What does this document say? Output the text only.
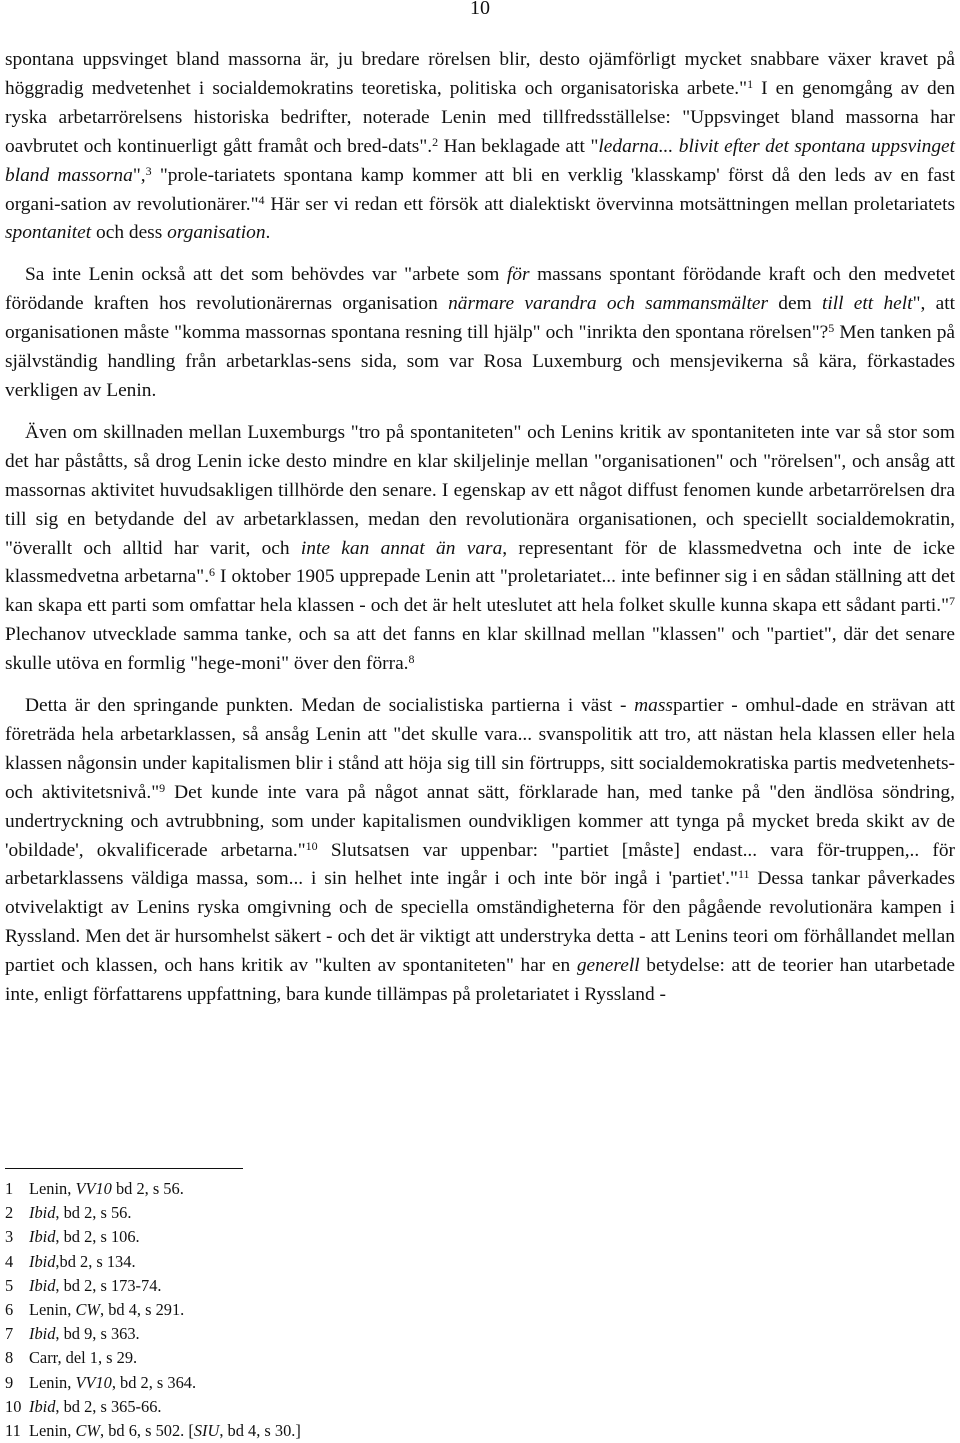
10

spontana uppsvinget bland massorna är, ju bredare rörelsen blir, desto ojämförligt mycket snabbare växer kravet på höggradig medvetenhet i socialdemokratins teoretiska, politiska och organisatoriska arbete."$^1$ I en genomgång av den ryska arbetarrörelsens historiska bedrifter, noterade Lenin med tillfredsställelse: "Uppsvinget bland massorna har oavbrutet och kontinuerligt gått framåt och bred-dats".$^2$ Han beklagade att "ledarna... blivit efter det spontana uppsvinget bland massorna",$^3$ "prole-tariatets spontana kamp kommer att bli en verklig 'klasskamp' först då den leds av en fast organi-sation av revolutionärer."$^4$ Här ser vi redan ett försök att dialektiskt övervinna motsättningen mellan proletariatets spontanitet och dess organisation.

Sa inte Lenin också att det som behövdes var "arbete som för massans spontant förödande kraft och den medvetet förödande kraften hos revolutionärernas organisation närmare varandra och sammansmälter dem till ett helt", att organisationen måste "komma massornas spontana resning till hjälp" och "inrikta den spontana rörelsen"?$^5$ Men tanken på självständig handling från arbetarklas-sens sida, som var Rosa Luxemburg och mensjevikerna så kära, förkastades verkligen av Lenin.

Även om skillnaden mellan Luxemburgs "tro på spontaniteten" och Lenins kritik av spontaniteten inte var så stor som det har påståtts, så drog Lenin icke desto mindre en klar skiljelinje mellan "organisationen" och "rörelsen", och ansåg att massornas aktivitet huvudsakligen tillhörde den senare. I egenskap av ett något diffust fenomen kunde arbetarrörelsen dra till sig en betydande del av arbetarklassen, medan den revolutionära organisationen, och speciellt socialdemokratin, "överallt och alltid har varit, och inte kan annat än vara, representant för de klassmedvetna och inte de icke klassmedvetna arbetarna".$^6$ I oktober 1905 upprepade Lenin att "proletariatet... inte befinner sig i en sådan ställning att det kan skapa ett parti som omfattar hela klassen - och det är helt uteslutet att hela folket skulle kunna skapa ett sådant parti."$^7$ Plechanov utvecklade samma tanke, och sa att det fanns en klar skillnad mellan "klassen" och "partiet", där det senare skulle utöva en formlig "hege-moni" över den förra.$^8$

Detta är den springande punkten. Medan de socialistiska partierna i väst - masspartier - omhul-dade en strävan att företräda hela arbetarklassen, så ansåg Lenin att "det skulle vara... svanspolitik att tro, att nästan hela klassen eller hela klassen någonsin under kapitalismen blir i stånd att höja sig till sin förtrupps, sitt socialdemokratiska partis medvetenhets- och aktivitetsnivå."$^9$ Det kunde inte vara på något annat sätt, förklarade han, med tanke på "den ändlösa söndring, undertryckning och avtrubbning, som under kapitalismen oundvikligen kommer att tynga på mycket breda skikt av de 'obildade', okvalificerade arbetarna."$^{10}$ Slutsatsen var uppenbar: "partiet [måste] endast... vara för-truppen,.. för arbetarklassens väldiga massa, som... i sin helhet inte ingår i och inte bör ingå i 'partiet'."$^{11}$ Dessa tankar påverkades otvivelaktigt av Lenins ryska omgivning och de speciella omständigheterna för den pågående revolutionära kampen i Ryssland. Men det är hursomhelst säkert - och det är viktigt att understryka detta - att Lenins teori om förhållandet mellan partiet och klassen, och hans kritik av "kulten av spontaniteten" har en generell betydelse: att de teorier han utarbetade inte, enligt författarens uppfattning, bara kunde tillämpas på proletariatet i Ryssland -

1 Lenin, VV10 bd 2, s 56.
2 Ibid, bd 2, s 56.
3 Ibid, bd 2, s 106.
4 Ibid,bd 2, s 134.
5 Ibid, bd 2, s 173-74.
6 Lenin, CW, bd 4, s 291.
7 Ibid, bd 9, s 363.
8 Carr, del 1, s 29.
9 Lenin, VV10, bd 2, s 364.
10 Ibid, bd 2, s 365-66.
11 Lenin, CW, bd 6, s 502. [SIU, bd 4, s 30.]
